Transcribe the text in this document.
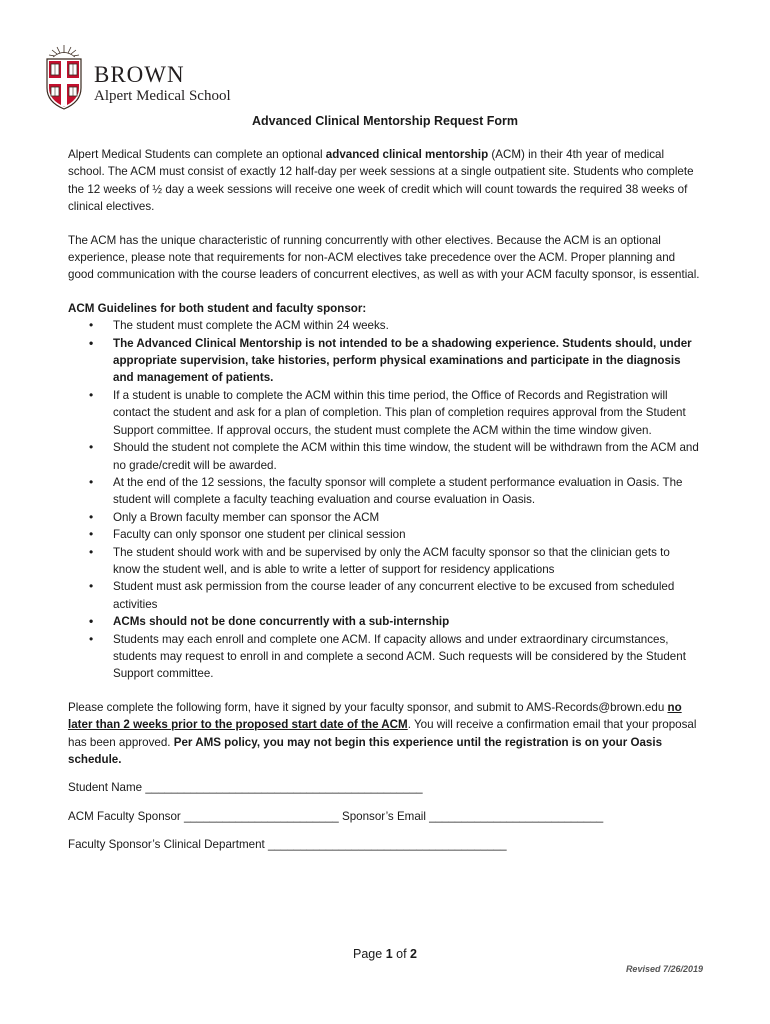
BROWN
Alpert Medical School
Advanced Clinical Mentorship Request Form

Alpert Medical Students can complete an optional advanced clinical mentorship (ACM) in their 4th year of medical school. The ACM must consist of exactly 12 half-day per week sessions at a single outpatient site. Students who complete the 12 weeks of ½ day a week sessions will receive one week of credit which will count towards the required 38 weeks of clinical electives.

The ACM has the unique characteristic of running concurrently with other electives. Because the ACM is an optional experience, please note that requirements for non-ACM electives take precedence over the ACM. Proper planning and good communication with the course leaders of concurrent electives, as well as with your ACM faculty sponsor, is essential.

ACM Guidelines for both student and faculty sponsor:

• The student must complete the ACM within 24 weeks.
• The Advanced Clinical Mentorship is not intended to be a shadowing experience. Students should, under appropriate supervision, take histories, perform physical examinations and participate in the diagnosis and management of patients.
• If a student is unable to complete the ACM within this time period, the Office of Records and Registration will contact the student and ask for a plan of completion. This plan of completion requires approval from the Student Support committee. If approval occurs, the student must complete the ACM within the time window given.
• Should the student not complete the ACM within this time window, the student will be withdrawn from the ACM and no grade/credit will be awarded.
• At the end of the 12 sessions, the faculty sponsor will complete a student performance evaluation in Oasis. The student will complete a faculty teaching evaluation and course evaluation in Oasis.
• Only a Brown faculty member can sponsor the ACM
• Faculty can only sponsor one student per clinical session
• The student should work with and be supervised by only the ACM faculty sponsor so that the clinician gets to know the student well, and is able to write a letter of support for residency applications
• Student must ask permission from the course leader of any concurrent elective to be excused from scheduled activities
• ACMs should not be done concurrently with a sub-internship
• Students may each enroll and complete one ACM. If capacity allows and under extraordinary circumstances, students may request to enroll in and complete a second ACM. Such requests will be considered by the Student Support committee.

Please complete the following form, have it signed by your faculty sponsor, and submit to AMS-Records@brown.edu no later than 2 weeks prior to the proposed start date of the ACM. You will receive a confirmation email that your proposal has been approved. Per AMS policy, you may not begin this experience until the registration is on your Oasis schedule.

Student Name ___________________________________________

ACM Faculty Sponsor ________________________ Sponsor’s Email ___________________________

Faculty Sponsor’s Clinical Department _____________________________________

Page 1 of 2
Revised 7/26/2019
